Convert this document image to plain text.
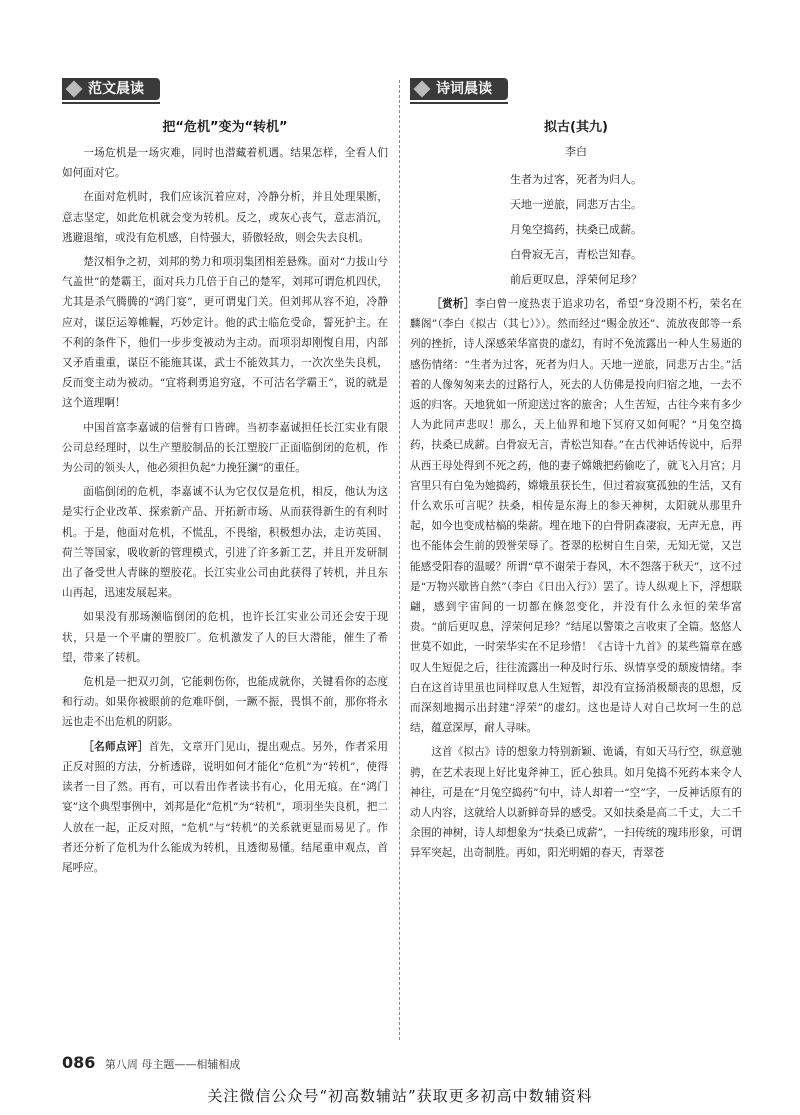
范文晨读
把“危机”变为“转机”

一场危机是一场灾难，同时也潜藏着机遇。结果怎样，全看人们如何面对它。

在面对危机时，我们应该沉着应对，冷静分析，并且处理果断，意志坚定，如此危机就会变为转机。反之，或灰心丧气，意志消沉，逃避退缩，或没有危机感，自恃强大，骄傲轻敌，则会失去良机。

楚汉相争之初，刘邦的势力和项羽集团相差悬殊。面对“力拔山兮气盖世”的楚霸王，面对兵力几倍于自己的楚军，刘邦可谓危机四伏，尤其是杀气腾腾的“鸿门宴”，更可谓鬼门关。但刘邦从容不迫，冷静应对，谋臣运筹帷幄，巧妙定计。他的武士临危受命，誓死护主。在不利的条件下，他们一步步变被动为主动。而项羽却刚愎自用，内部又矛盾重重，谋臣不能施其谋，武士不能效其力，一次次坐失良机，反而变主动为被动。“宜将剩勇追穷寇，不可沽名学霸王”，说的就是这个道理啊！

中国首富李嘉诚的信誉有口皆碑。当初李嘉诚担任长江实业有限公司总经理时，以生产塑胶制品的长江塑胶厂正面临倒闭的危机，作为公司的领头人，他必须担负起“力挽狂澜”的重任。

面临倒闭的危机，李嘉诚不认为它仅仅是危机，相反，他认为这是实行企业改革、探索新产品、开拓新市场、从而获得新生的有利时机。于是，他面对危机，不慌乱，不畏缩，积极想办法，走访英国、荷兰等国家，吸收新的管理模式，引进了许多新工艺，并且开发研制出了备受世人青睐的塑胶花。长江实业公司由此获得了转机，并且东山再起，迅速发展起来。

如果没有那场濒临倒闭的危机，也许长江实业公司还会安于现状，只是一个平庸的塑胶厂。危机激发了人的巨大潜能，催生了希望，带来了转机。

危机是一把双刃剑，它能刺伤你，也能成就你，关键看你的态度和行动。如果你被眼前的危难吓倒，一蹶不振，畏惧不前，那你将永远也走不出危机的阴影。

［名师点评］首先，文章开门见山，提出观点。另外，作者采用正反对照的方法，分析透辟，说明如何才能化“危机”为“转机”，使得读者一目了然。再有，可以看出作者读书有心，化用无痕。在“鸿门宴”这个典型事例中，刘邦是化“危机”为“转机”，项羽坐失良机，把二人放在一起，正反对照，“危机”与“转机”的关系就更显而易见了。作者还分析了危机为什么能成为转机，且透彻易懂。结尾重申观点，首尾呼应。

诗词晨读
拟古(其九)
李白
生者为过客，死者为归人。
天地一逆旅，同悲万古尘。
月兔空捣药，扶桑已成薪。
白骨寂无言，青松岂知春。
前后更叹息，浮荣何足珍？

［赏析］李白曾一度热衷于追求功名，希望“身没期不朽，荣名在麟阁”（李白《拟古（其七）》）。然而经过“赐金放还”、流放夜郎等一系列的挫折，诗人深感荣华富贵的虚幻，有时不免流露出一种人生易逝的感伤情绪：“生者为过客，死者为归人。天地一逆旅，同悲万古尘。”活着的人像匆匆来去的过路行人，死去的人仿佛是投向归宿之地，一去不返的归客。天地犹如一所迎送过客的旅舍；人生苦短，古往今来有多少人为此同声悲叹！那么，天上仙界和地下冥府又如何呢？“月兔空捣药，扶桑已成薪。白骨寂无言，青松岂知春。”在古代神话传说中，后羿从西王母处得到不死之药，他的妻子嫦娥把药偷吃了，就飞入月宫；月宫里只有白兔为她捣药，嫦娥虽获长生，但过着寂寞孤独的生活，又有什么欢乐可言呢？扶桑，相传是东海上的参天神树，太阳就从那里升起，如今也变成枯槁的柴薪。埋在地下的白骨阴森凄寂，无声无息，再也不能体会生前的毁誉荣辱了。苍翠的松树自生自荣，无知无觉，又岂能感受阳春的温暖？所谓“草不谢荣于春风，木不怨落于秋天”，这不过是“万物兴歇皆自然”（李白《日出入行》）罢了。诗人纵观上下，浮想联翩，感到宇宙间的一切都在倏忽变化，并没有什么永恒的荣华富贵。“前后更叹息，浮荣何足珍？”结尾以警策之言收束了全篇。悠悠人世莫不如此，一时荣华实在不足珍惜！《古诗十九首》的某些篇章在感叹人生短促之后，往往流露出一种及时行乐、纵情享受的颓废情绪。李白在这首诗里虽也同样叹息人生短暂，却没有宣扬消极颓丧的思想，反而深刻地揭示出封建“浮荣”的虚幻。这也是诗人对自己坎坷一生的总结，蕴意深厚，耐人寻味。

这首《拟古》诗的想象力特别新颖、诡谲，有如天马行空，纵意驰骋，在艺术表现上好比鬼斧神工，匠心独具。如月兔捣不死药本来令人神往，可是在“月兔空捣药”句中，诗人却着一“空”字，一反神话原有的动人内容，这就给人以新鲜奇异的感受。又如扶桑是高二千丈，大二千余围的神树，诗人却想象为“扶桑已成薪”，一扫传统的瑰玮形象，可谓异军突起，出奇制胜。再如，阳光明媚的春天，青翠苍

086 第八周 母主题——相辅相成
关注微信公众号“初高数辅站”获取更多初高中数辅资料
